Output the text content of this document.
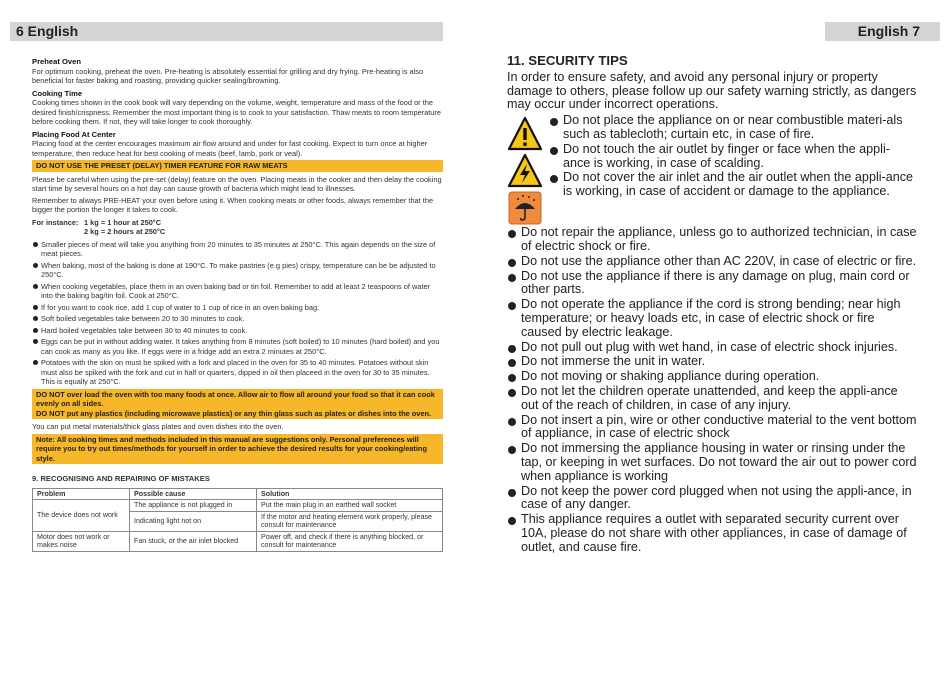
6 English	English 7
Preheat Oven

For optimum cooking, preheat the oven. Pre-heating is absolutely essential for grilling and dry frying. Pre-heating is also beneficial for faster baking and roasting, providing quicker sealing/browning.

Cooking Time

Cooking times shown in the cook book will vary depending on the volume, weight, temperature and mass of the food or the desired finish/crispness. Remember the most important thing is to cook to your satisfaction. Thaw meats to room temperature before cooking them. If not, they will take longer to cook thoroughly.

Placing Food At Center

Placing food at the center encourages maximum air flow around and under for fast cooking. Expect to turn once at higher temperature, then reduce heat for best cooking of meats (beef, lamb, pork or veal).

DO NOT USE THE PRESET (DELAY) TIMER FEATURE FOR RAW MEATS

Please be careful when using the pre-set (delay) feature on the oven. Placing meats in the cooker and then delay the cooking start time by several hours on a hot day can cause growth of bacteria which might lead to illnesses.

Remember to always PRE-HEAT your oven before using it. When cooking meats or other foods, always remember that the bigger the portion the longer it takes to cook.

For instance: 1 kg = 1 hour at 250°C
2 kg = 2 hours at 250°C
Smaller pieces of meat will take you anything from 20 minutes to 35 minutes at 250°C. This again depends on the size of meat pieces.
When baking, most of the baking is done at 190°C. To make pastries (e.g pies) crispy, temperature can be be adjusted to 250°C.
When cooking vegetables, place them in an oven baking bad or tin foil. Remember to add at least 2 teaspoons of water into the baking bag/tin foil. Cook at 250°C.
If for you want to cook rice, add 1 cup of water to 1 cup of rice in an oven baking bag.
Soft boiled vegetables take between 20 to 30 minutes to cook.
Hard boiled vegetables take between 30 to 40 minutes to cook.
Eggs can be put in without adding water. It takes anything from 8 minutes (soft boiled) to 10 minutes (hard boiled) and you can cook as many as you like. If eggs were in a fridge add an extra 2 minutes at 250°C.
Potatoes with the skin on must be spiked with a fork and placed in the oven for 35 to 40 minutes. Potatoes without skin must also be spiked with the fork and cut in half or quarters, dipped in oil then placeed in the oven for 30 to 35 minutes. This is equally at 250°C.
DO NOT over load the oven with too many foods at once. Allow air to flow all around your food so that it can cook evenly on all sides.
DO NOT put any plastics (including microwave plastics) or any thin glass such as plates or dishes into the oven.

You can put metal materials/thick glass plates and oven dishes into the oven.

Note: All cooking times and methods included in this manual are suggestions only. Personal preferences will require you to try out times/methods for yourself in order to achieve the desired results for your cooking/eating style.
9. RECOGNISING AND REPAIRING OF MISTAKES
Problem	Possible cause	Solution
The device does not work	The appliance is not plugged in	Put the main plug in an earthed wall socket
	Indicating light not on	If the motor and heating element work properly, please consult for maintenance
Motor does not work or makes noise	Fan stuck, or the air inlet blocked	Power off, and check if there is anything blocked, or consult for maintenance
11. SECURITY TIPS
In order to ensure safety, and avoid any personal injury or property damage to others, please follow up our safety warning strictly, as dangers may occur under incorrect operations.
Do not place the appliance on or near combustible materi-als such as tablecloth; curtain etc, in case of fire.
Do not touch the air outlet by finger or face when the appli-ance is working, in case of scalding.
Do not cover the air inlet and the air outlet when the appli-ance is working, in case of accident or damage to the appliance.
Do not repair the appliance, unless go to authorized technician, in case of electric shock or fire.
Do not use the appliance other than AC 220V, in case of electric or fire.
Do not use the appliance if there is any damage on plug, main cord or other parts.
Do not operate the appliance if the cord is strong bending; near high temperature; or heavy loads etc, in case of electric shock or fire caused by electric leakage.
Do not pull out plug with wet hand, in case of electric shock injuries.
Do not immerse the unit in water.
Do not moving or shaking appliance during operation.
Do not let the children operate unattended, and keep the appli-ance out of the reach of children, in case of any injury.
Do not insert a pin, wire or other conductive material to the vent bottom of appliance, in case of electric shock
Do not immersing the appliance housing in water or rinsing under the tap, or keeping in wet surfaces. Do not toward the air out to power cord when appliance is working
Do not keep the power cord plugged when not using the appli-ance, in case of any danger.
This appliance requires a outlet with separated security current over 10A, please do not share with other appliances, in case of damage of outlet, and cause fire.
